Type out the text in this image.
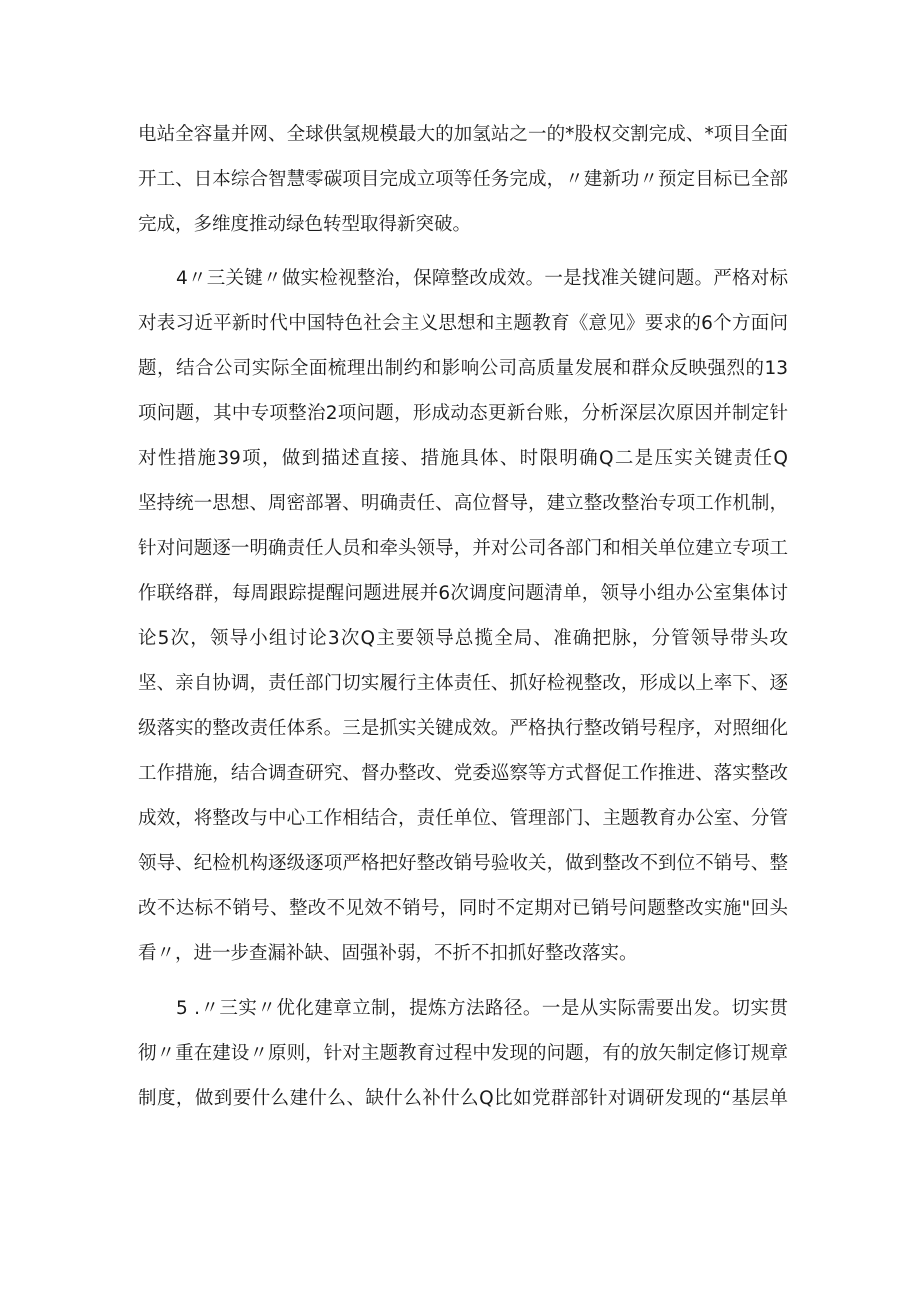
电站全容量并网、全球供氢规模最大的加氢站之一的*股权交割完成、*项目全面
开工、日本综合智慧零碳项目完成立项等任务完成，〃建新功〃预定目标已全部
完成，多维度推动绿色转型取得新突破。
4〃三关键〃做实检视整治，保障整改成效。一是找准关键问题。严格对标
对表习近平新时代中国特色社会主义思想和主题教育《意见》要求的6个方面问
题，结合公司实际全面梳理出制约和影响公司高质量发展和群众反映强烈的13
项问题，其中专项整治2项问题，形成动态更新台账，分析深层次原因并制定针
对性措施39项，做到描述直接、措施具体、时限明确Q二是压实关键责任Q
坚持统一思想、周密部署、明确责任、高位督导，建立整改整治专项工作机制，
针对问题逐一明确责任人员和牵头领导，并对公司各部门和相关单位建立专项工
作联络群，每周跟踪提醒问题进展并6次调度问题清单，领导小组办公室集体讨
论5次，领导小组讨论3次Q主要领导总揽全局、准确把脉，分管领导带头攻
坚、亲自协调，责任部门切实履行主体责任、抓好检视整改，形成以上率下、逐
级落实的整改责任体系。三是抓实关键成效。严格执行整改销号程序，对照细化
工作措施，结合调查研究、督办整改、党委巡察等方式督促工作推进、落实整改
成效，将整改与中心工作相结合，责任单位、管理部门、主题教育办公室、分管
领导、纪检机构逐级逐项严格把好整改销号验收关，做到整改不到位不销号、整
改不达标不销号、整改不见效不销号，同时不定期对已销号问题整改实施"回头
看〃，进一步查漏补缺、固强补弱，不折不扣抓好整改落实。
5 .〃三实〃优化建章立制，提炼方法路径。一是从实际需要出发。切实贯
彻〃重在建设〃原则，针对主题教育过程中发现的问题，有的放矢制定修订规章
制度，做到要什么建什么、缺什么补什么Q比如党群部针对调研发现的“基层单
